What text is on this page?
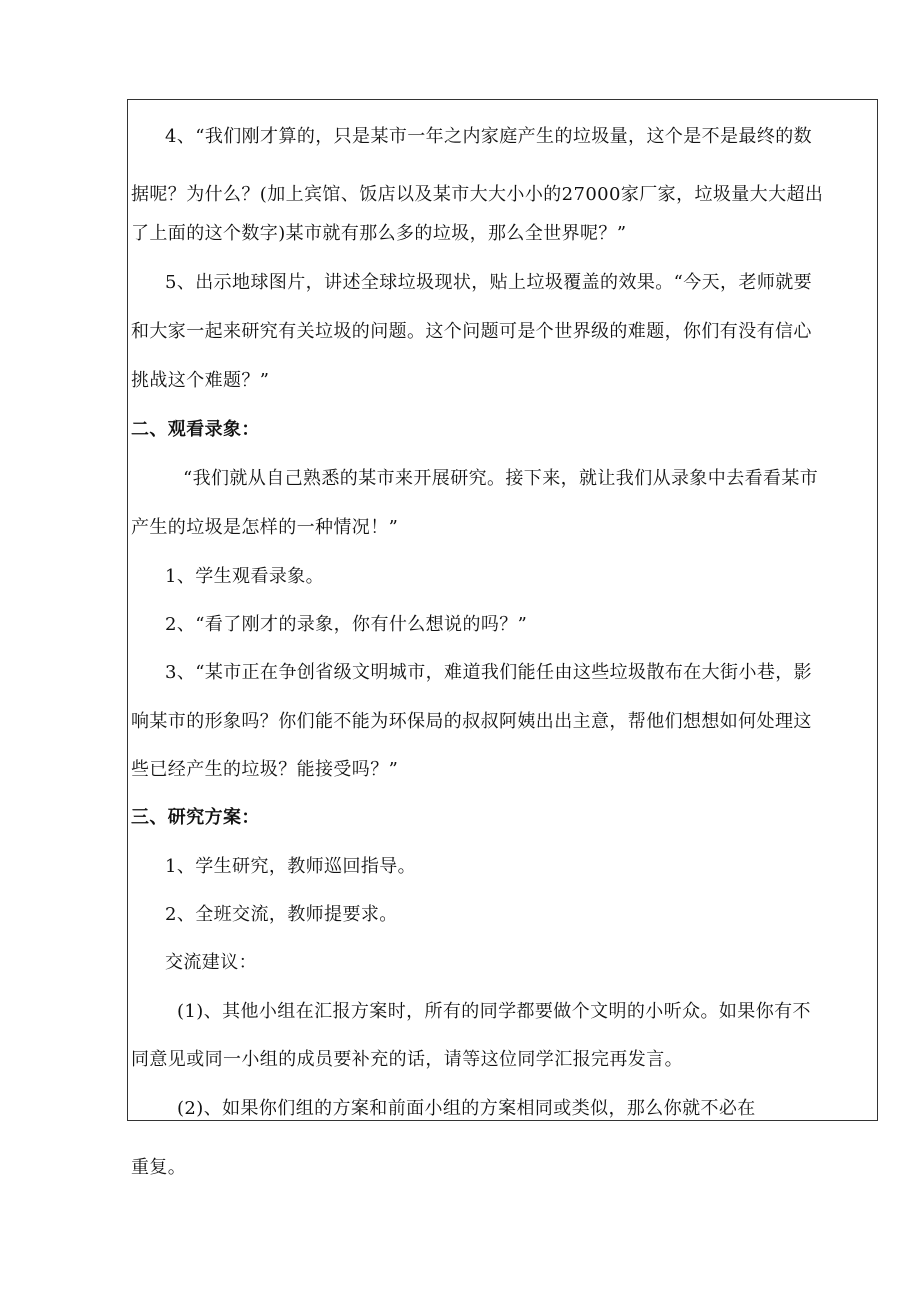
4、“我们刚才算的，只是某市一年之内家庭产生的垃圾量，这个是不是最终的数
据呢？为什么？(加上宾馆、饭店以及某市大大小小的27000家厂家，垃圾量大大超出
了上面的这个数字)某市就有那么多的垃圾，那么全世界呢？”
5、出示地球图片，讲述全球垃圾现状，贴上垃圾覆盖的效果。“今天，老师就要
和大家一起来研究有关垃圾的问题。这个问题可是个世界级的难题，你们有没有信心
挑战这个难题？”
二、观看录象：
“我们就从自己熟悉的某市来开展研究。接下来，就让我们从录象中去看看某市
产生的垃圾是怎样的一种情况！”
1、学生观看录象。
2、“看了刚才的录象，你有什么想说的吗？”
3、“某市正在争创省级文明城市，难道我们能任由这些垃圾散布在大街小巷，影
响某市的形象吗？你们能不能为环保局的叔叔阿姨出出主意，帮他们想想如何处理这
些已经产生的垃圾？能接受吗？”
三、研究方案：
1、学生研究，教师巡回指导。
2、全班交流，教师提要求。
交流建议：
(1)、其他小组在汇报方案时，所有的同学都要做个文明的小听众。如果你有不
同意见或同一小组的成员要补充的话，请等这位同学汇报完再发言。
(2)、如果你们组的方案和前面小组的方案相同或类似，那么你就不必在
重复。
